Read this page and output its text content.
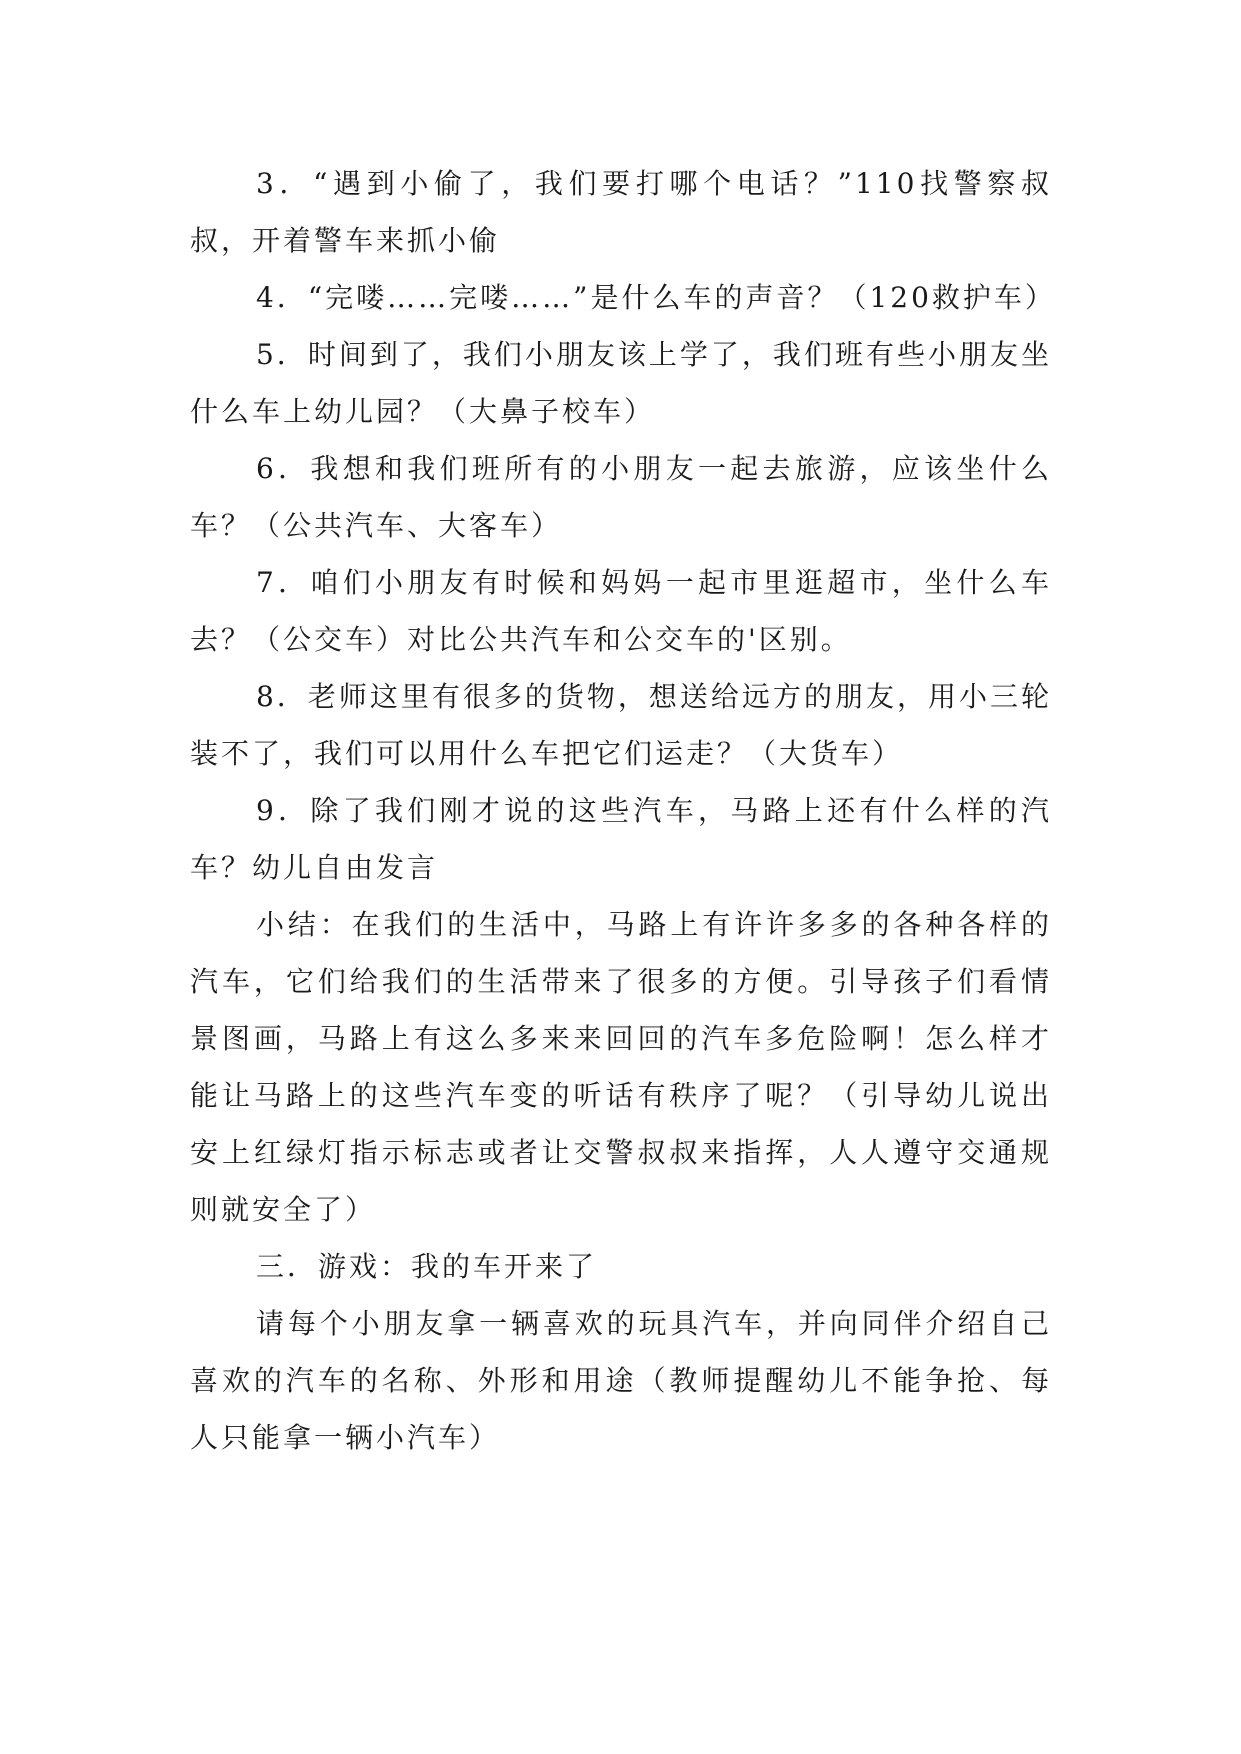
3．“遇到小偷了，我们要打哪个电话？”110找警察叔叔，开着警车来抓小偷

4．“完喽……完喽……”是什么车的声音？（120救护车）

5．时间到了，我们小朋友该上学了，我们班有些小朋友坐什么车上幼儿园？（大鼻子校车）

6．我想和我们班所有的小朋友一起去旅游，应该坐什么车？（公共汽车、大客车）

7．咱们小朋友有时候和妈妈一起市里逛超市，坐什么车去？（公交车）对比公共汽车和公交车的'区别。

8．老师这里有很多的货物，想送给远方的朋友，用小三轮装不了，我们可以用什么车把它们运走？（大货车）

9．除了我们刚才说的这些汽车，马路上还有什么样的汽车？幼儿自由发言

小结：在我们的生活中，马路上有许许多多的各种各样的汽车，它们给我们的生活带来了很多的方便。引导孩子们看情景图画，马路上有这么多来来回回的汽车多危险啊！怎么样才能让马路上的这些汽车变的听话有秩序了呢？（引导幼儿说出安上红绿灯指示标志或者让交警叔叔来指挥，人人遵守交通规则就安全了）

三．游戏：我的车开来了

请每个小朋友拿一辆喜欢的玩具汽车，并向同伴介绍自己喜欢的汽车的名称、外形和用途（教师提醒幼儿不能争抢、每人只能拿一辆小汽车）
